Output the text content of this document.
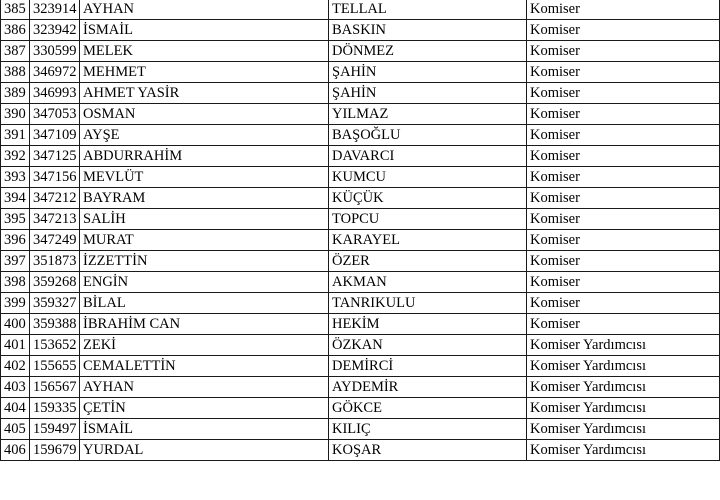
385	323914	AYHAN	TELLAL	Komiser
386	323942	İSMAİL	BASKIN	Komiser
387	330599	MELEK	DÖNMEZ	Komiser
388	346972	MEHMET	ŞAHİN	Komiser
389	346993	AHMET YASİR	ŞAHİN	Komiser
390	347053	OSMAN	YILMAZ	Komiser
391	347109	AYŞE	BAŞOĞLU	Komiser
392	347125	ABDURRAHİM	DAVARCI	Komiser
393	347156	MEVLÜT	KUMCU	Komiser
394	347212	BAYRAM	KÜÇÜK	Komiser
395	347213	SALİH	TOPCU	Komiser
396	347249	MURAT	KARAYEL	Komiser
397	351873	İZZETTİN	ÖZER	Komiser
398	359268	ENGİN	AKMAN	Komiser
399	359327	BİLAL	TANRIKULU	Komiser
400	359388	İBRAHİM CAN	HEKİM	Komiser
401	153652	ZEKİ	ÖZKAN	Komiser Yardımcısı
402	155655	CEMALETTİN	DEMİRCİ	Komiser Yardımcısı
403	156567	AYHAN	AYDEMİR	Komiser Yardımcısı
404	159335	ÇETİN	GÖKCE	Komiser Yardımcısı
405	159497	İSMAİL	KILIÇ	Komiser Yardımcısı
406	159679	YURDAL	KOŞAR	Komiser Yardımcısı
